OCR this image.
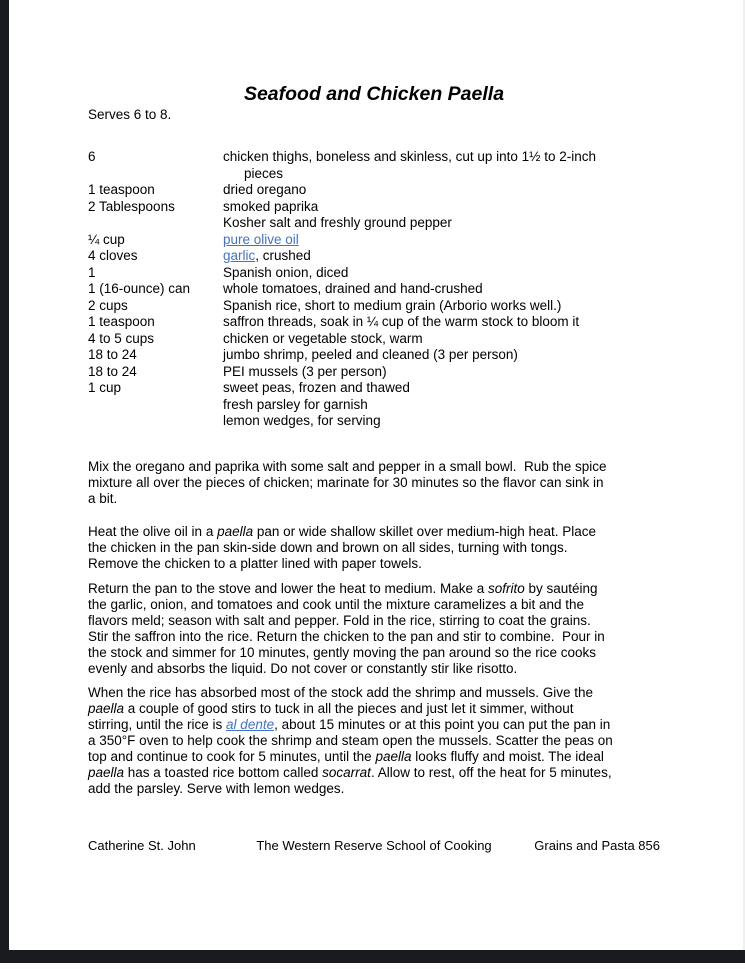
Seafood and Chicken Paella
Serves 6 to 8.
6	chicken thighs, boneless and skinless, cut up into 1½ to 2-inch
pieces
1 teaspoon	dried oregano
2 Tablespoons	smoked paprika
Kosher salt and freshly ground pepper
¼ cup	pure olive oil
4 cloves	garlic, crushed
1	Spanish onion, diced
1 (16-ounce) can	whole tomatoes, drained and hand-crushed
2 cups	Spanish rice, short to medium grain (Arborio works well.)
1 teaspoon	saffron threads, soak in ¼ cup of the warm stock to bloom it
4 to 5 cups	chicken or vegetable stock, warm
18 to 24	jumbo shrimp, peeled and cleaned (3 per person)
18 to 24	PEI mussels (3 per person)
1 cup	sweet peas, frozen and thawed
fresh parsley for garnish
lemon wedges, for serving
Mix the oregano and paprika with some salt and pepper in a small bowl.  Rub the spice
mixture all over the pieces of chicken; marinate for 30 minutes so the flavor can sink in
a bit.
Heat the olive oil in a paella pan or wide shallow skillet over medium-high heat. Place
the chicken in the pan skin-side down and brown on all sides, turning with tongs.
Remove the chicken to a platter lined with paper towels.
Return the pan to the stove and lower the heat to medium. Make a sofrito by sautéing
the garlic, onion, and tomatoes and cook until the mixture caramelizes a bit and the
flavors meld; season with salt and pepper. Fold in the rice, stirring to coat the grains.
Stir the saffron into the rice. Return the chicken to the pan and stir to combine.  Pour in
the stock and simmer for 10 minutes, gently moving the pan around so the rice cooks
evenly and absorbs the liquid. Do not cover or constantly stir like risotto.
When the rice has absorbed most of the stock add the shrimp and mussels. Give the
paella a couple of good stirs to tuck in all the pieces and just let it simmer, without
stirring, until the rice is al dente, about 15 minutes or at this point you can put the pan in
a 350°F oven to help cook the shrimp and steam open the mussels. Scatter the peas on
top and continue to cook for 5 minutes, until the paella looks fluffy and moist. The ideal
paella has a toasted rice bottom called socarrat. Allow to rest, off the heat for 5 minutes,
add the parsley. Serve with lemon wedges.
Catherine St. John	The Western Reserve School of Cooking	Grains and Pasta 856
